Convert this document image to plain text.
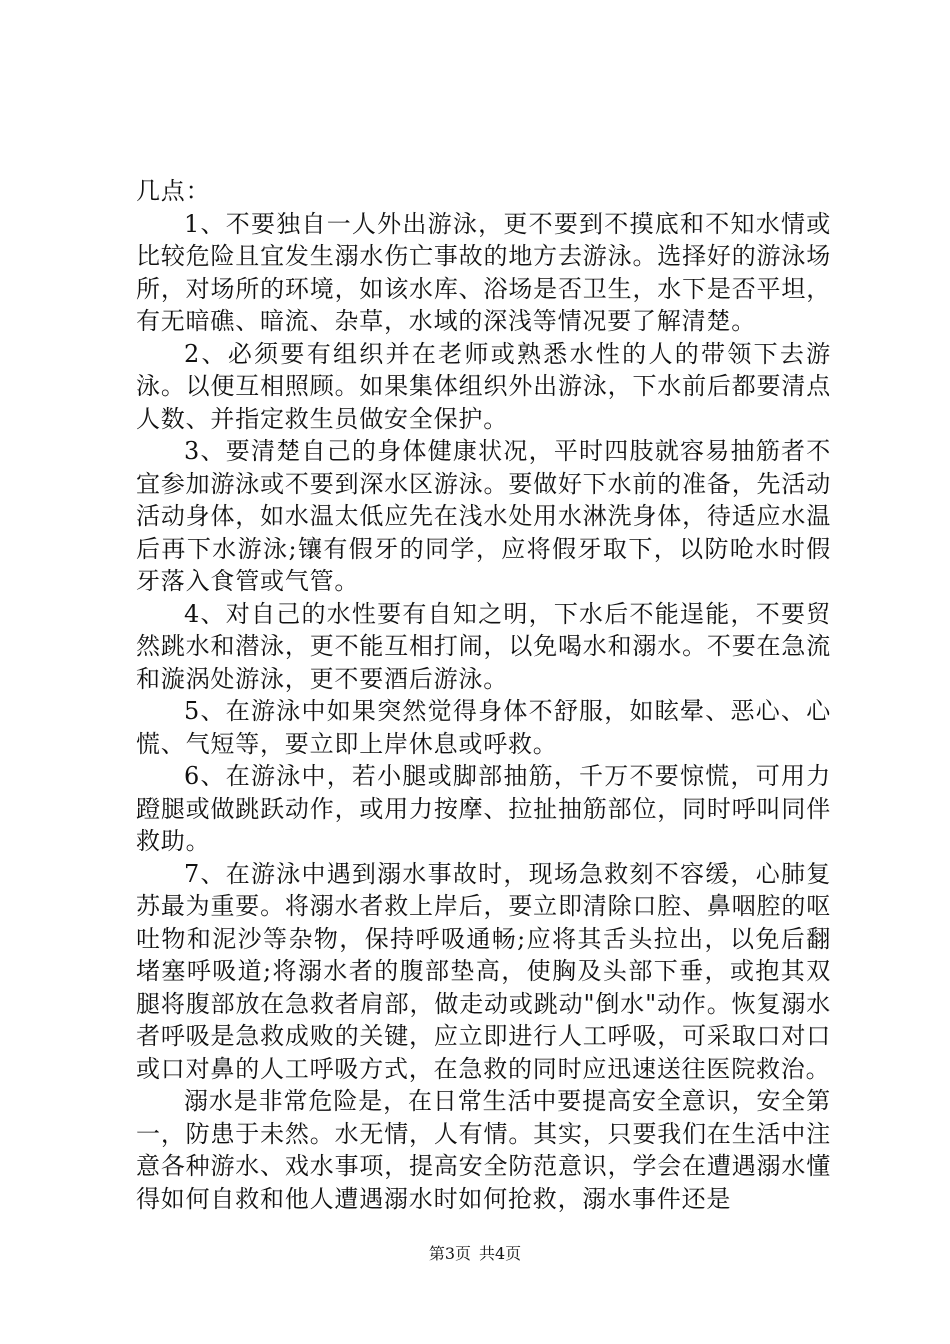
几点：

1、不要独自一人外出游泳，更不要到不摸底和不知水情或比较危险且宜发生溺水伤亡事故的地方去游泳。选择好的游泳场所，对场所的环境，如该水库、浴场是否卫生，水下是否平坦，有无暗礁、暗流、杂草，水域的深浅等情况要了解清楚。

2、必须要有组织并在老师或熟悉水性的人的带领下去游泳。以便互相照顾。如果集体组织外出游泳，下水前后都要清点人数、并指定救生员做安全保护。

3、要清楚自己的身体健康状况，平时四肢就容易抽筋者不宜参加游泳或不要到深水区游泳。要做好下水前的准备，先活动活动身体，如水温太低应先在浅水处用水淋洗身体，待适应水温后再下水游泳;镶有假牙的同学，应将假牙取下，以防呛水时假牙落入食管或气管。

4、对自己的水性要有自知之明，下水后不能逞能，不要贸然跳水和潜泳，更不能互相打闹，以免喝水和溺水。不要在急流和漩涡处游泳，更不要酒后游泳。

5、在游泳中如果突然觉得身体不舒服，如眩晕、恶心、心慌、气短等，要立即上岸休息或呼救。

6、在游泳中，若小腿或脚部抽筋，千万不要惊慌，可用力蹬腿或做跳跃动作，或用力按摩、拉扯抽筋部位，同时呼叫同伴救助。

7、在游泳中遇到溺水事故时，现场急救刻不容缓，心肺复苏最为重要。将溺水者救上岸后，要立即清除口腔、鼻咽腔的呕吐物和泥沙等杂物，保持呼吸通畅;应将其舌头拉出，以免后翻堵塞呼吸道;将溺水者的腹部垫高，使胸及头部下垂，或抱其双腿将腹部放在急救者肩部，做走动或跳动"倒水"动作。恢复溺水者呼吸是急救成败的关键，应立即进行人工呼吸，可采取口对口或口对鼻的人工呼吸方式，在急救的同时应迅速送往医院救治。

溺水是非常危险是，在日常生活中要提高安全意识，安全第一，防患于未然。水无情，人有情。其实，只要我们在生活中注意各种游水、戏水事项，提高安全防范意识，学会在遭遇溺水懂得如何自救和他人遭遇溺水时如何抢救，溺水事件还是

第3页 共4页
